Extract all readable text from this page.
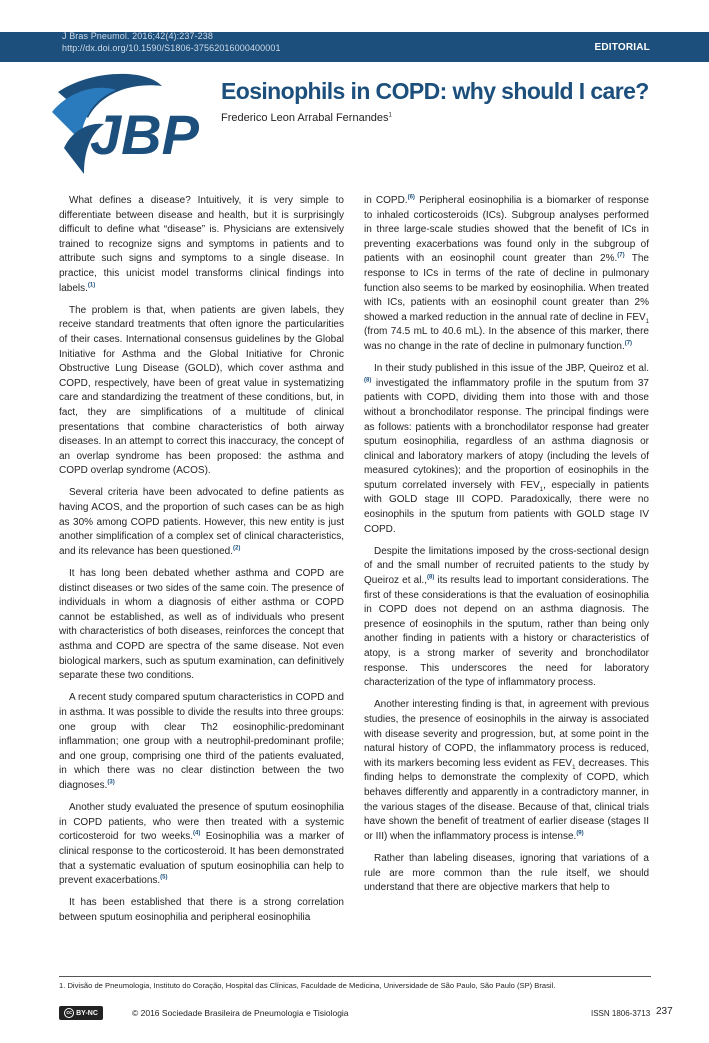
J Bras Pneumol. 2016;42(4):237-238
http://dx.doi.org/10.1590/S1806-37562016000400001	EDITORIAL
JBP
Eosinophils in COPD: why should I care?
Frederico Leon Arrabal Fernandes$^1$

What defines a disease? Intuitively, it is very simple to differentiate between disease and health, but it is surprisingly difficult to define what “disease” is. Physicians are extensively trained to recognize signs and symptoms in patients and to attribute such signs and symptoms to a single disease. In practice, this unicist model transforms clinical findings into labels.$^{(1)}$

The problem is that, when patients are given labels, they receive standard treatments that often ignore the particularities of their cases. International consensus guidelines by the Global Initiative for Asthma and the Global Initiative for Chronic Obstructive Lung Disease (GOLD), which cover asthma and COPD, respectively, have been of great value in systematizing care and standardizing the treatment of these conditions, but, in fact, they are simplifications of a multitude of clinical presentations that combine characteristics of both airway diseases. In an attempt to correct this inaccuracy, the concept of an overlap syndrome has been proposed: the asthma and COPD overlap syndrome (ACOS).

Several criteria have been advocated to define patients as having ACOS, and the proportion of such cases can be as high as 30% among COPD patients. However, this new entity is just another simplification of a complex set of clinical characteristics, and its relevance has been questioned.$^{(2)}$

It has long been debated whether asthma and COPD are distinct diseases or two sides of the same coin. The presence of individuals in whom a diagnosis of either asthma or COPD cannot be established, as well as of individuals who present with characteristics of both diseases, reinforces the concept that asthma and COPD are spectra of the same disease. Not even biological markers, such as sputum examination, can definitively separate these two conditions.

A recent study compared sputum characteristics in COPD and in asthma. It was possible to divide the results into three groups: one group with clear Th2 eosinophilic-predominant inflammation; one group with a neutrophil-predominant profile; and one group, comprising one third of the patients evaluated, in which there was no clear distinction between the two diagnoses.$^{(3)}$

Another study evaluated the presence of sputum eosinophilia in COPD patients, who were then treated with a systemic corticosteroid for two weeks.$^{(4)}$ Eosinophilia was a marker of clinical response to the corticosteroid. It has been demonstrated that a systematic evaluation of sputum eosinophilia can help to prevent exacerbations.$^{(5)}$

It has been established that there is a strong correlation between sputum eosinophilia and peripheral eosinophilia

in COPD.$^{(6)}$ Peripheral eosinophilia is a biomarker of response to inhaled corticosteroids (ICs). Subgroup analyses performed in three large-scale studies showed that the benefit of ICs in preventing exacerbations was found only in the subgroup of patients with an eosinophil count greater than 2%.$^{(7)}$ The response to ICs in terms of the rate of decline in pulmonary function also seems to be marked by eosinophilia. When treated with ICs, patients with an eosinophil count greater than 2% showed a marked reduction in the annual rate of decline in $FEV_1$ (from 74.5 mL to 40.6 mL). In the absence of this marker, there was no change in the rate of decline in pulmonary function.$^{(7)}$

In their study published in this issue of the JBP, Queiroz et al.$^{(8)}$ investigated the inflammatory profile in the sputum from 37 patients with COPD, dividing them into those with and those without a bronchodilator response. The principal findings were as follows: patients with a bronchodilator response had greater sputum eosinophilia, regardless of an asthma diagnosis or clinical and laboratory markers of atopy (including the levels of measured cytokines); and the proportion of eosinophils in the sputum correlated inversely with $FEV_1$, especially in patients with GOLD stage III COPD. Paradoxically, there were no eosinophils in the sputum from patients with GOLD stage IV COPD.

Despite the limitations imposed by the cross-sectional design of and the small number of recruited patients to the study by Queiroz et al.,$^{(8)}$ its results lead to important considerations. The first of these considerations is that the evaluation of eosinophilia in COPD does not depend on an asthma diagnosis. The presence of eosinophils in the sputum, rather than being only another finding in patients with a history or characteristics of atopy, is a strong marker of severity and bronchodilator response. This underscores the need for laboratory characterization of the type of inflammatory process.

Another interesting finding is that, in agreement with previous studies, the presence of eosinophils in the airway is associated with disease severity and progression, but, at some point in the natural history of COPD, the inflammatory process is reduced, with its markers becoming less evident as $FEV_1$ decreases. This finding helps to demonstrate the complexity of COPD, which behaves differently and apparently in a contradictory manner, in the various stages of the disease. Because of that, clinical trials have shown the benefit of treatment of earlier disease (stages II or III) when the inflammatory process is intense.$^{(9)}$

Rather than labeling diseases, ignoring that variations of a rule are more common than the rule itself, we should understand that there are objective markers that help to

1. Divisão de Pneumologia, Instituto do Coração, Hospital das Clínicas, Faculdade de Medicina, Universidade de São Paulo, São Paulo (SP) Brasil.
cc BY-NC	© 2016 Sociedade Brasileira de Pneumologia e Tisiologia	ISSN 1806-3713 237
